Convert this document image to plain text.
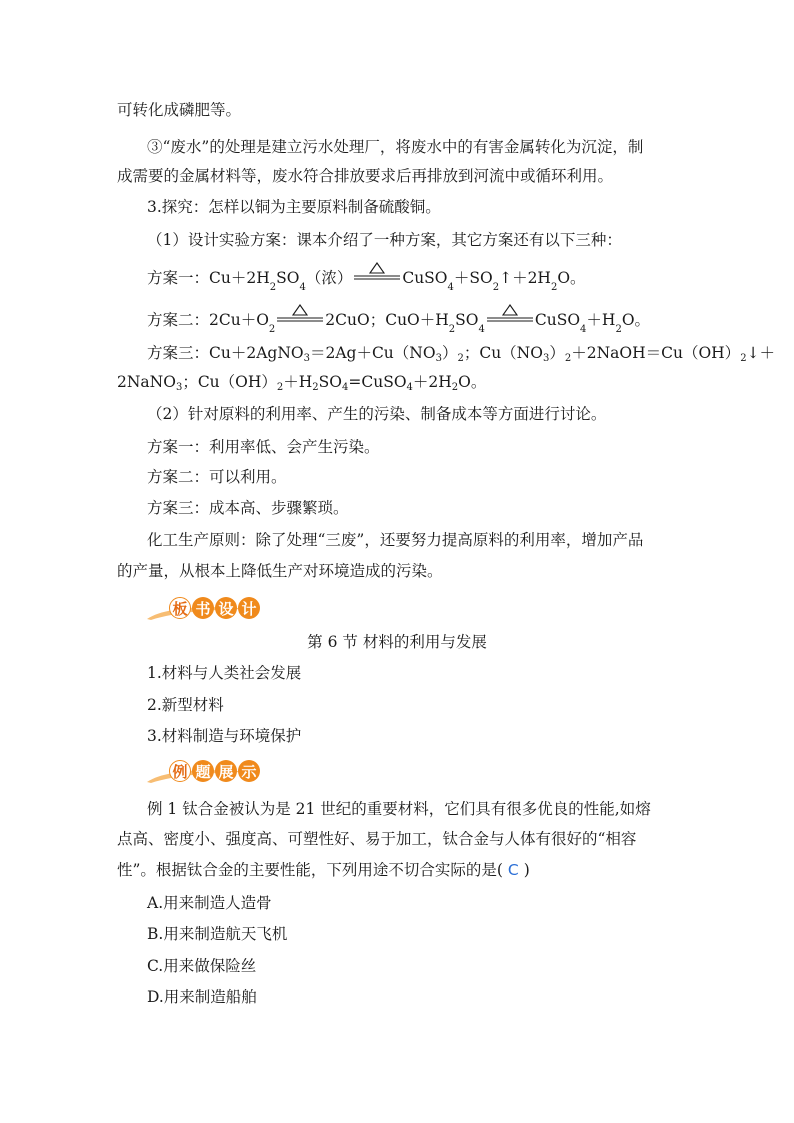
可转化成磷肥等。
③“废水”的处理是建立污水处理厂，将废水中的有害金属转化为沉淀，制
成需要的金属材料等，废水符合排放要求后再排放到河流中或循环利用。
3.探究：怎样以铜为主要原料制备硫酸铜。
（1）设计实验方案：课本介绍了一种方案，其它方案还有以下三种：
方案一：Cu＋2H
2
SO
4
（浓）	CuSO
4
＋SO
2
↑＋2H
2
O。
方案二：2Cu＋O
2
2CuO；CuO＋H
2
SO
4
CuSO
4
＋H
2
O。
方案三：$Cu+2AgNO_3=2Ag+Cu(NO_3)_2$；$Cu(NO_3)_2+2NaOH=Cu(OH)_2↓+$
2NaNO$_3$；$Cu(OH)_2+H_2SO_4=CuSO_4+2H_2O$。
（2）针对原料的利用率、产生的污染、制备成本等方面进行讨论。
方案一：利用率低、会产生污染。
方案二：可以利用。
方案三：成本高、步骤繁琐。
化工生产原则：除了处理“三废”，还要努力提高原料的利用率，增加产品
的产量，从根本上降低生产对环境造成的污染。
板 书 设 计
第 6 节 材料的利用与发展
1.材料与人类社会发展
2.新型材料
3.材料制造与环境保护
例 题 展 示
例 1 钛合金被认为是 21 世纪的重要材料，它们具有很多优良的性能,如熔
点高、密度小、强度高、可塑性好、易于加工，钛合金与人体有很好的“相容
性”。根据钛合金的主要性能，下列用途不切合实际的是( C )
A.用来制造人造骨
B.用来制造航天飞机
C.用来做保险丝
D.用来制造船舶
